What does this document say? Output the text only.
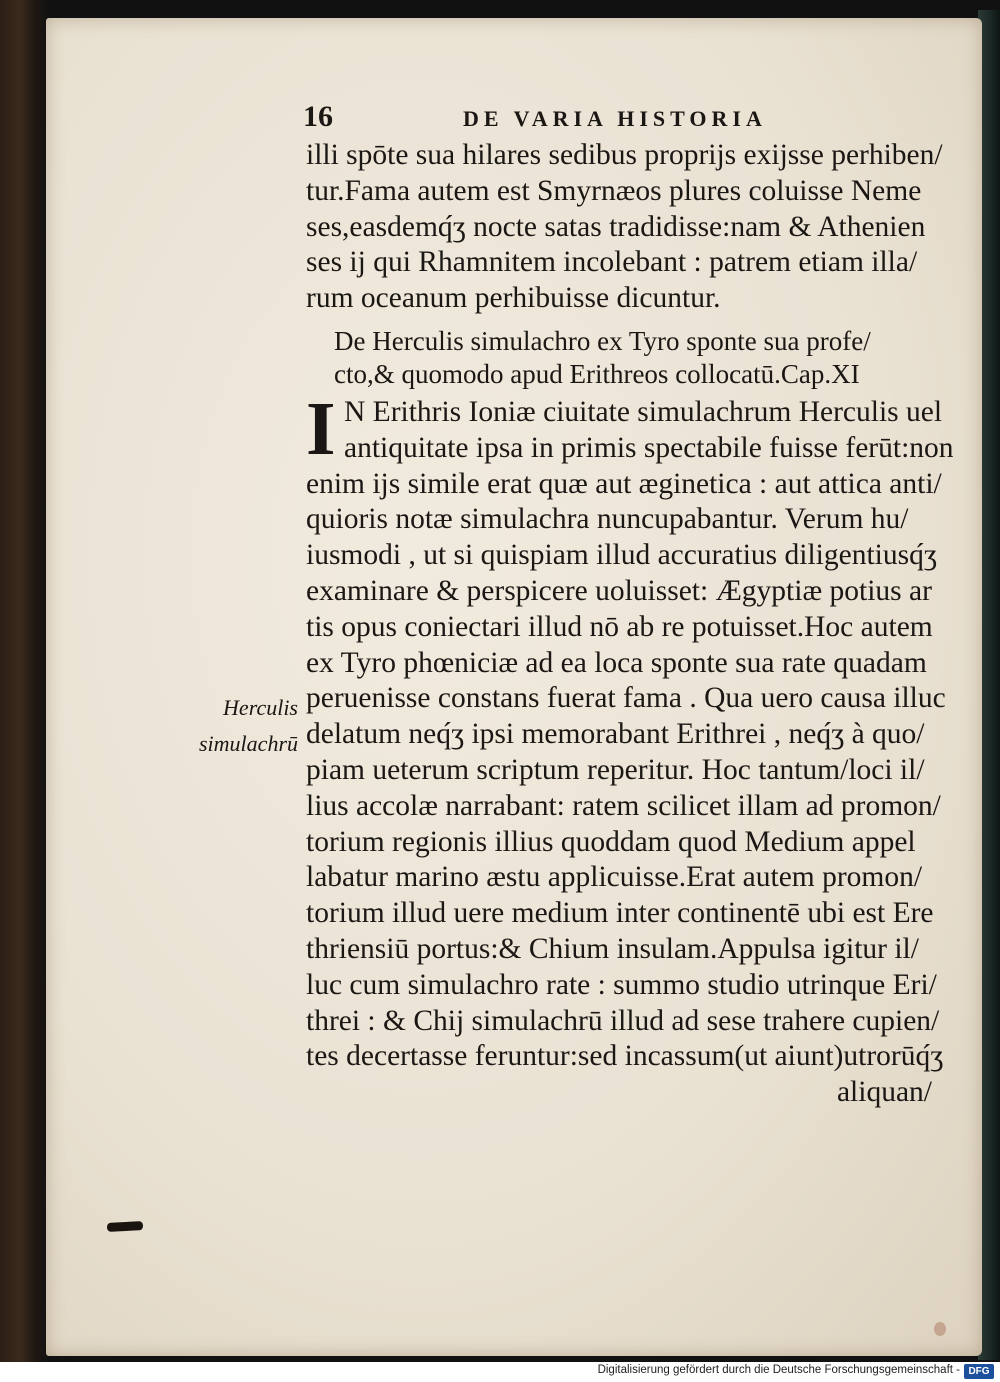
16	DE VARIA HISTORIA
illi spōte sua hilares sedibus proprijs exijsse perhiben/
tur.Fama autem est Smyrnæos plures coluisse Neme
ses,easdemq́ʒ nocte satas tradidisse:nam & Athenien
ses ij qui Rhamnitem incolebant : patrem etiam illa/
rum oceanum perhibuisse dicuntur.
De Herculis simulachro ex Tyro sponte sua profe/
cto,& quomodo apud Erithreos collocatū.Cap.XI
I N Erithris Ioniæ ciuitate simulachrum Herculis uel
antiquitate ipsa in primis spectabile fuisse ferūt:non
enim ijs simile erat quæ aut æginetica : aut attica anti/
quioris notæ simulachra nuncupabantur. Verum hu/
iusmodi , ut si quispiam illud accuratius diligentiusq́ʒ
examinare & perspicere uoluisset: Ægyptiæ potius ar
tis opus coniectari illud nō ab re potuisset.Hoc autem
ex Tyro phœniciæ ad ea loca sponte sua rate quadam
peruenisse constans fuerat fama . Qua uero causa illuc
delatum neq́ʒ ipsi memorabant Erithrei , neq́ʒ à quo/
piam ueterum scriptum reperitur. Hoc tantum/loci il/
lius accolæ narrabant: ratem scilicet illam ad promon/
torium regionis illius quoddam quod Medium appel
labatur marino æstu applicuisse.Erat autem promon/
torium illud uere medium inter continentē ubi est Ere
thriensiū portus:& Chium insulam.Appulsa igitur il/
luc cum simulachro rate : summo studio utrinque Eri/
threi : & Chij simulachrū illud ad sese trahere cupien/
tes decertasse feruntur:sed incassum(ut aiunt)utrorūq́ʒ
aliquan/
Herculis
simulachrū
Digitalisierung gefördert durch die Deutsche Forschungsgemeinschaft - DFG
